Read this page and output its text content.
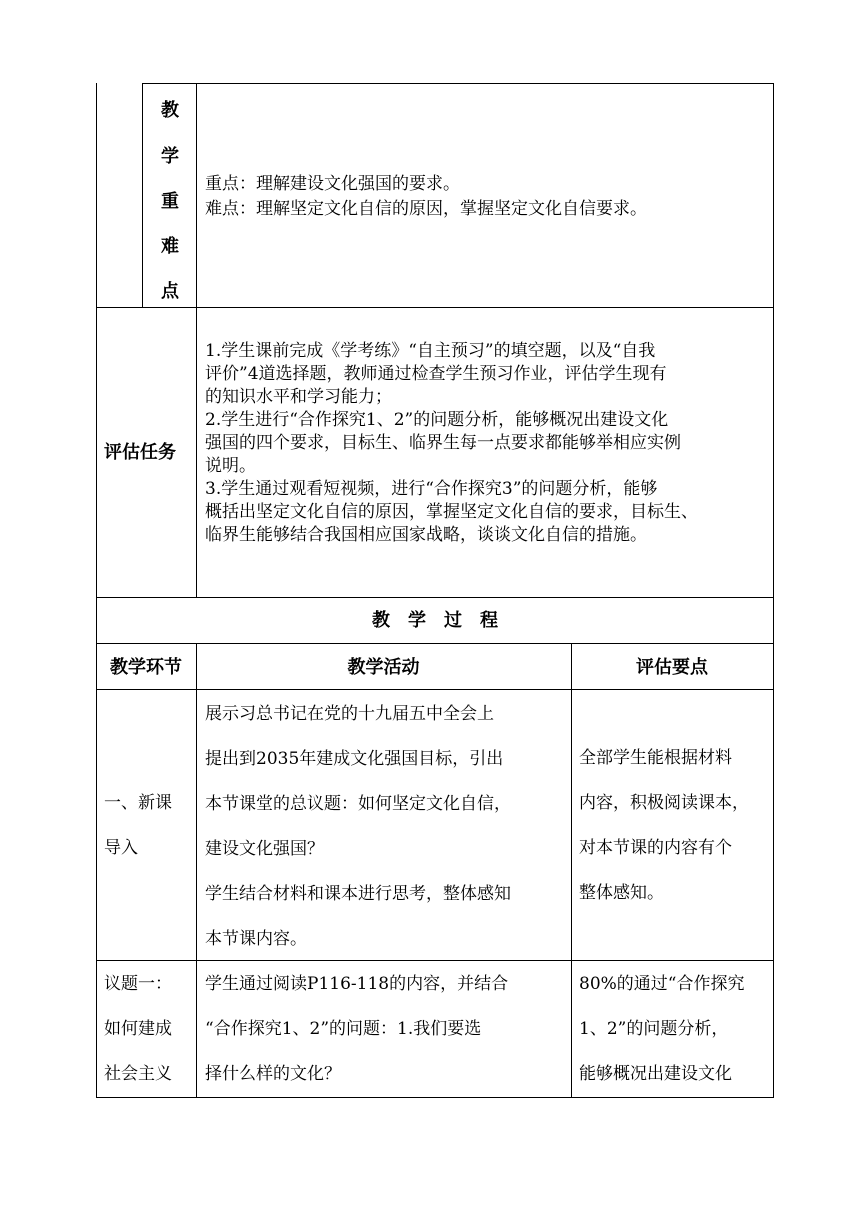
教
学
重
难
点
重点：理解建设文化强国的要求。
难点：理解坚定文化自信的原因，掌握坚定文化自信要求。
评估任务
1.学生课前完成《学考练》“自主预习”的填空题，以及“自我
评价”4道选择题，教师通过检查学生预习作业，评估学生现有
的知识水平和学习能力；
2.学生进行“合作探究1、2”的问题分析，能够概况出建设文化
强国的四个要求，目标生、临界生每一点要求都能够举相应实例
说明。
3.学生通过观看短视频，进行“合作探究3”的问题分析，能够
概括出坚定文化自信的原因，掌握坚定文化自信的要求，目标生、
临界生能够结合我国相应国家战略，谈谈文化自信的措施。
教　学　过　程
教学环节	教学活动	评估要点
一、新课
导入
展示习总书记在党的十九届五中全会上
提出到2035年建成文化强国目标，引出
本节课堂的总议题：如何坚定文化自信，
建设文化强国？
学生结合材料和课本进行思考，整体感知
本节课内容。
全部学生能根据材料
内容，积极阅读课本，
对本节课的内容有个
整体感知。
议题一：
如何建成
社会主义
学生通过阅读P116-118的内容，并结合
“合作探究1、2”的问题：1.我们要选
择什么样的文化？
80%的通过“合作探究
1、2”的问题分析，
能够概况出建设文化
